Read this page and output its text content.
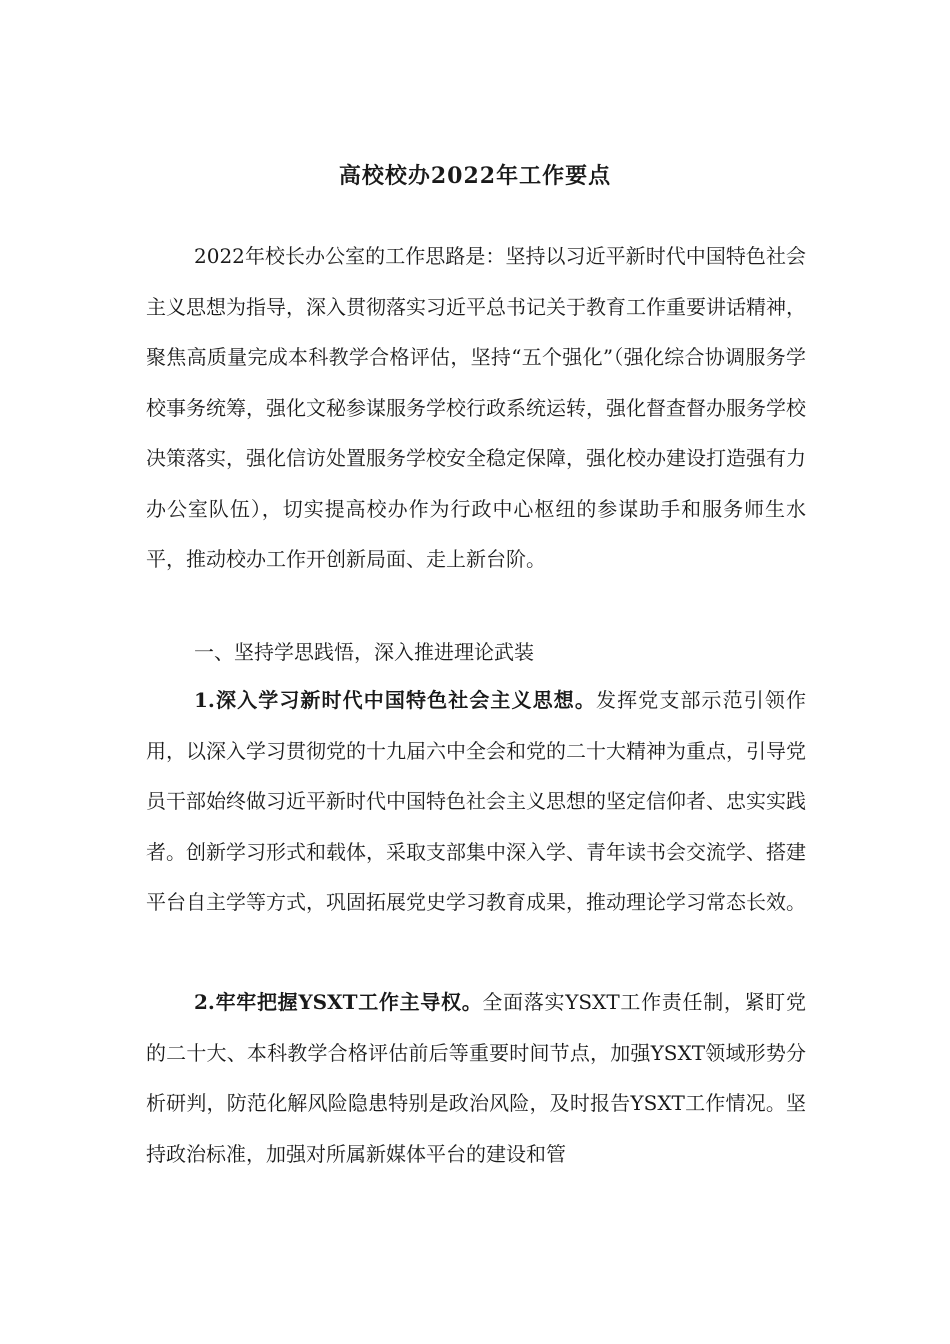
高校校办2022年工作要点

2022年校长办公室的工作思路是：坚持以习近平新时代中国特色社会主义思想为指导，深入贯彻落实习近平总书记关于教育工作重要讲话精神，聚焦高质量完成本科教学合格评估，坚持“五个强化”（强化综合协调服务学校事务统筹，强化文秘参谋服务学校行政系统运转，强化督查督办服务学校决策落实，强化信访处置服务学校安全稳定保障，强化校办建设打造强有力办公室队伍），切实提高校办作为行政中心枢纽的参谋助手和服务师生水平，推动校办工作开创新局面、走上新台阶。

一、坚持学思践悟，深入推进理论武装

1.深入学习新时代中国特色社会主义思想。发挥党支部示范引领作用，以深入学习贯彻党的十九届六中全会和党的二十大精神为重点，引导党员干部始终做习近平新时代中国特色社会主义思想的坚定信仰者、忠实实践者。创新学习形式和载体，采取支部集中深入学、青年读书会交流学、搭建平台自主学等方式，巩固拓展党史学习教育成果，推动理论学习常态长效。

2.牢牢把握YSXT工作主导权。全面落实YSXT工作责任制，紧盯党的二十大、本科教学合格评估前后等重要时间节点，加强YSXT领域形势分析研判，防范化解风险隐患特别是政治风险，及时报告YSXT工作情况。坚持政治标准，加强对所属新媒体平台的建设和管
